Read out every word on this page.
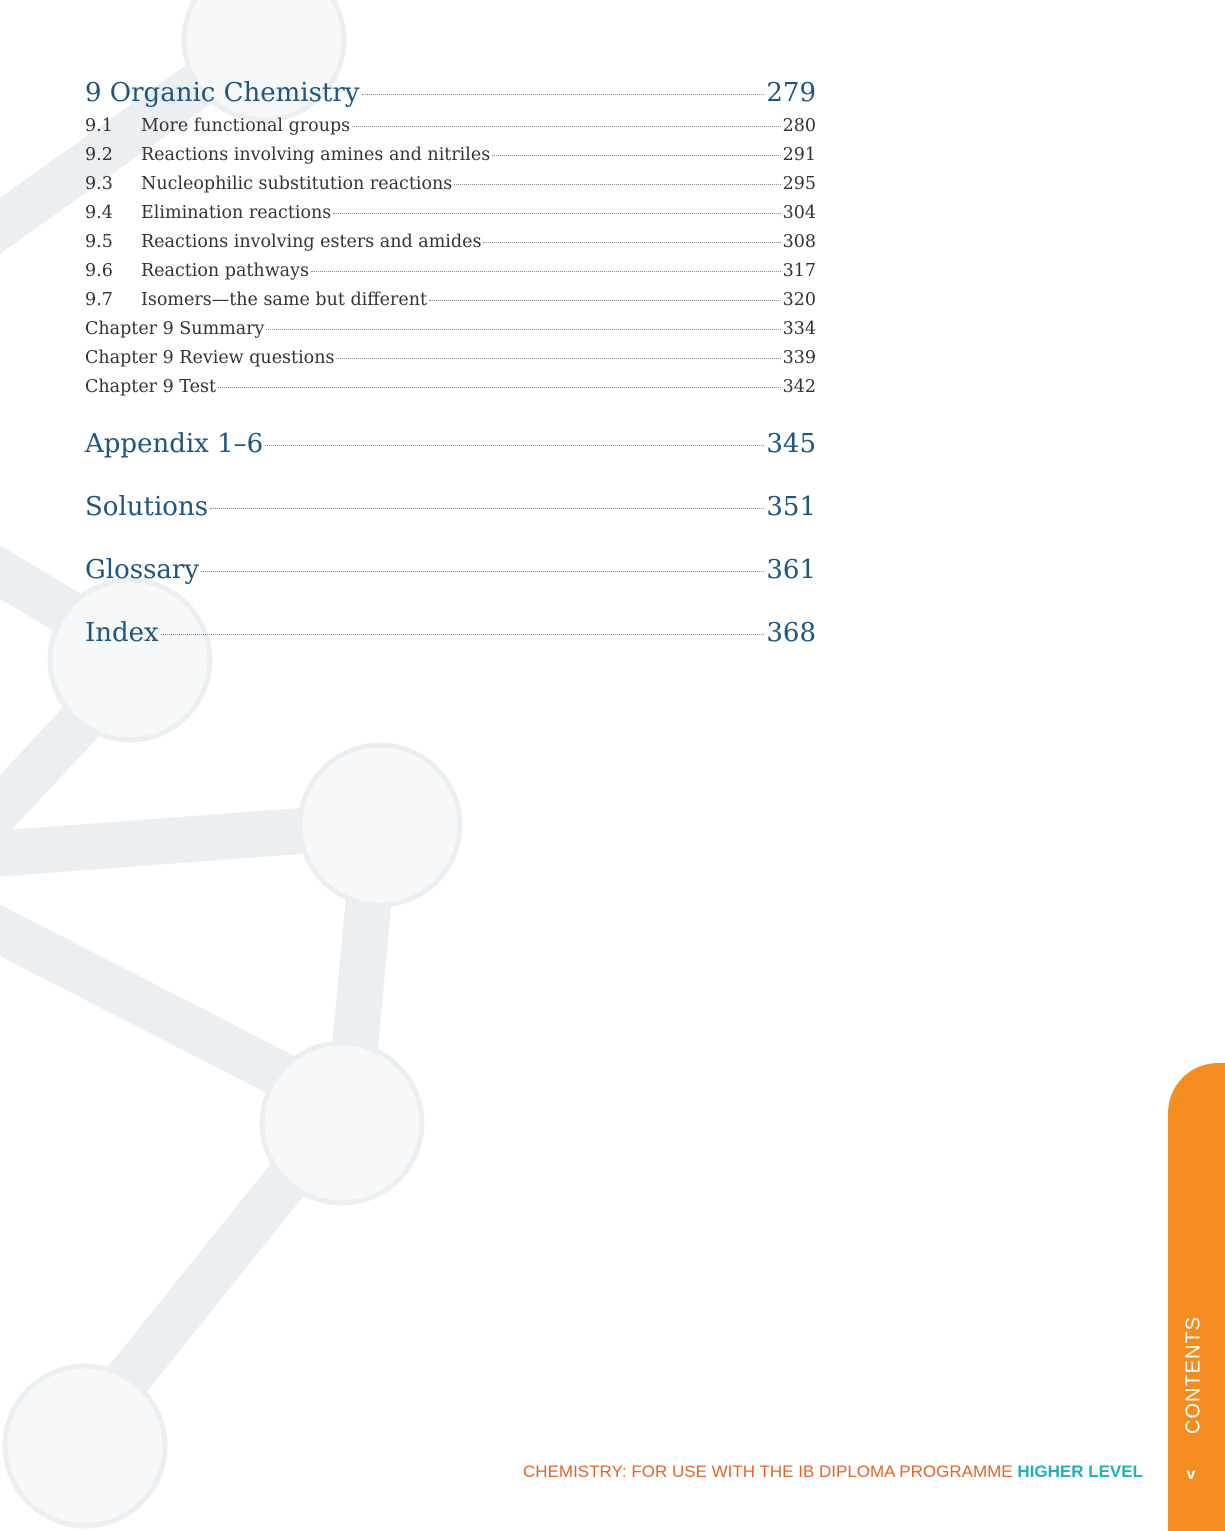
9 Organic Chemistry	279
9.1	More functional groups	280
9.2	Reactions involving amines and nitriles	291
9.3	Nucleophilic substitution reactions	295
9.4	Elimination reactions	304
9.5	Reactions involving esters and amides	308
9.6	Reaction pathways	317
9.7	Isomers—the same but different	320
Chapter 9 Summary	334
Chapter 9 Review questions	339
Chapter 9 Test	342
Appendix 1–6	345
Solutions	351
Glossary	361
Index	368
CHEMISTRY: FOR USE WITH THE IB DIPLOMA PROGRAMME HIGHER LEVEL
CONTENTS
v
